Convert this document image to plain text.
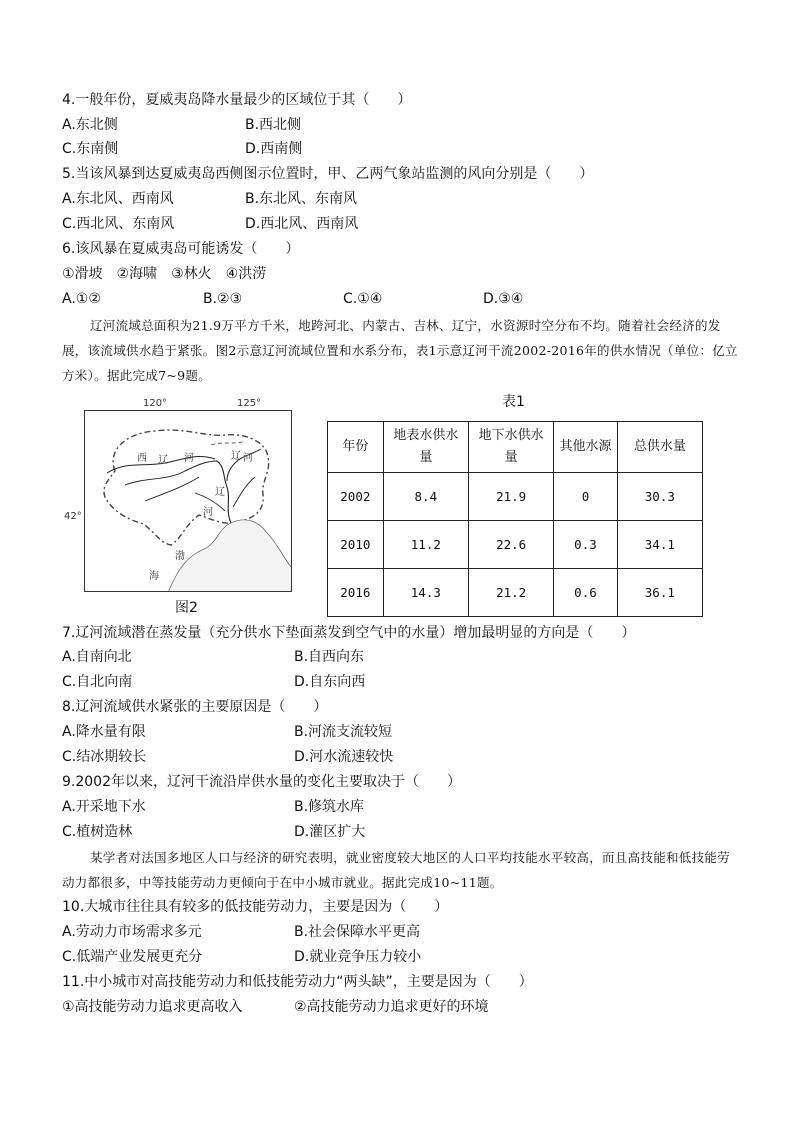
4.一般年份，夏威夷岛降水量最少的区域位于其（　　）
A.东北侧	B.西北侧
C.东南侧	D.西南侧
5.当该风暴到达夏威夷岛西侧图示位置时，甲、乙两气象站监测的风向分别是（　　）
A.东北风、西南风	B.东北风、东南风
C.西北风、东南风	D.西北风、西南风
6.该风暴在夏威夷岛可能诱发（　　）
①滑坡　②海啸　③林火　④洪涝
A.①②	B.②③	C.①④	D.③④
辽河流域总面积为21.9万平方千米，地跨河北、内蒙古、吉林、辽宁，水资源时空分布不均。随着社会经济的发展，该流域供水趋于紧张。图2示意辽河流域位置和水系分布，表1示意辽河干流2002-2016年的供水情况（单位：亿立方米）。据此完成7~9题。
120°	125°
42°
西 辽 河	辽 河
辽
河
渤
海
图2
表1
年份	地表水供水量	地下水供水量	其他水源	总供水量
2002	8.4	21.9	0	30.3
2010	11.2	22.6	0.3	34.1
2016	14.3	21.2	0.6	36.1
7.辽河流域潜在蒸发量（充分供水下垫面蒸发到空气中的水量）增加最明显的方向是（　　）
A.自南向北	B.自西向东
C.自北向南	D.自东向西
8.辽河流域供水紧张的主要原因是（　　）
A.降水量有限	B.河流支流较短
C.结冰期较长	D.河水流速较快
9.2002年以来，辽河干流沿岸供水量的变化主要取决于（　　）
A.开采地下水	B.修筑水库
C.植树造林	D.灌区扩大
某学者对法国多地区人口与经济的研究表明，就业密度较大地区的人口平均技能水平较高，而且高技能和低技能劳动力都很多，中等技能劳动力更倾向于在中小城市就业。据此完成10~11题。
10.大城市往往具有较多的低技能劳动力，主要是因为（　　）
A.劳动力市场需求多元	B.社会保障水平更高
C.低端产业发展更充分	D.就业竞争压力较小
11.中小城市对高技能劳动力和低技能劳动力“两头缺”，主要是因为（　　）
①高技能劳动力追求更高收入	②高技能劳动力追求更好的环境
